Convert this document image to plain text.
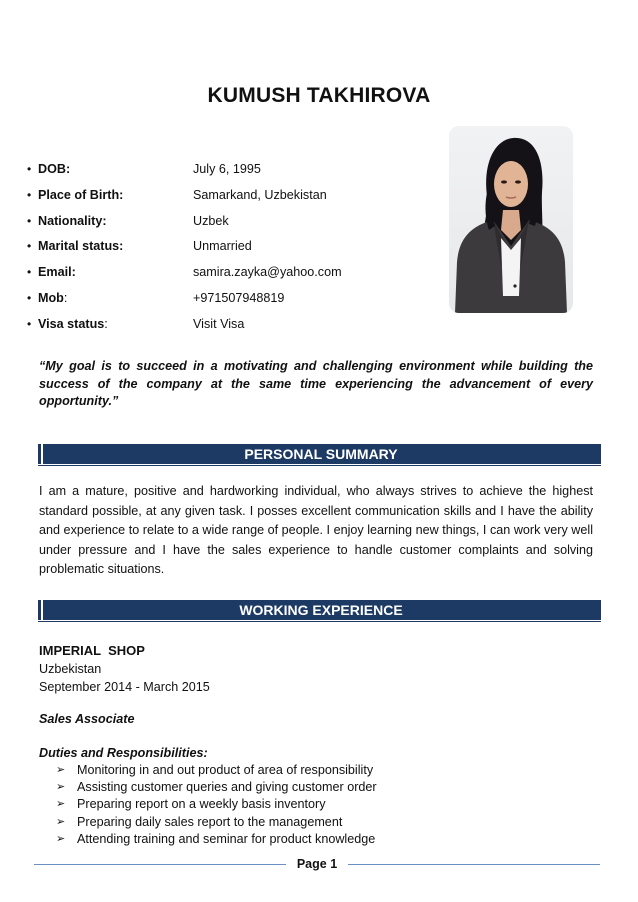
KUMUSH TAKHIROVA
• DOB:	July 6, 1995
• Place of Birth:	Samarkand, Uzbekistan
• Nationality:	Uzbek
• Marital status:	Unmarried
• Email:	samira.zayka@yahoo.com
• Mob:	+971507948819
• Visa status:	Visit Visa
“My goal is to succeed in a motivating and challenging environment while building the success of the company at the same time experiencing the advancement of every opportunity.”
PERSONAL SUMMARY
I am a mature, positive and hardworking individual, who always strives to achieve the highest standard possible, at any given task. I posses excellent communication skills and I have the ability and experience to relate to a wide range of people. I enjoy learning new things, I can work very well under pressure and I have the sales experience to handle customer complaints and solving problematic situations.
WORKING EXPERIENCE
IMPERIAL  SHOP
Uzbekistan
September 2014 - March 2015
Sales Associate
Duties and Responsibilities:
➢ Monitoring in and out product of area of responsibility
➢ Assisting customer queries and giving customer order
➢ Preparing report on a weekly basis inventory
➢ Preparing daily sales report to the management
➢ Attending training and seminar for product knowledge
Page 1
